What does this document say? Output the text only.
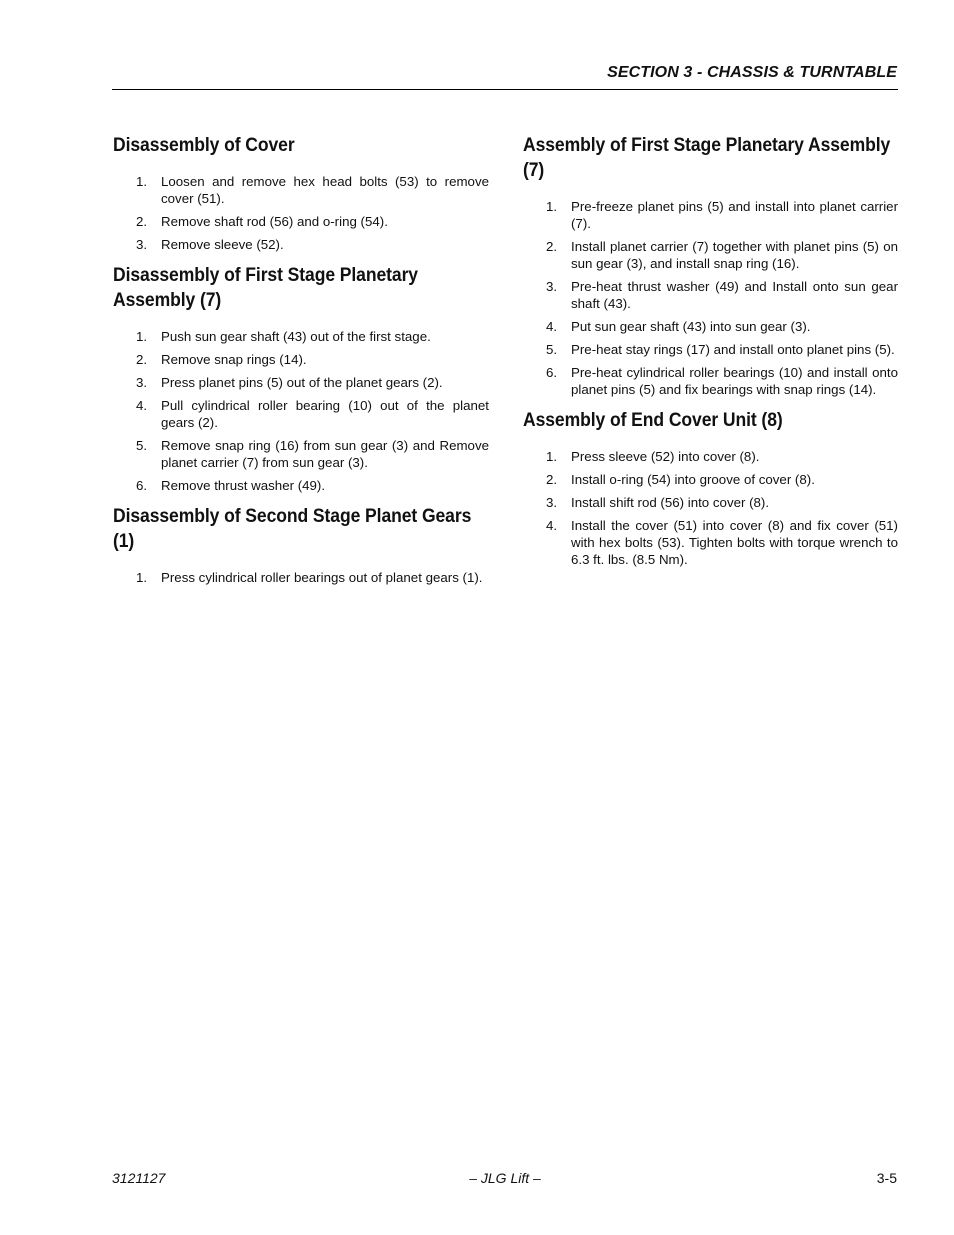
SECTION 3 - CHASSIS & TURNTABLE
Disassembly of Cover
1. Loosen and remove hex head bolts (53) to remove cover (51).
2. Remove shaft rod (56) and o-ring (54).
3. Remove sleeve (52).
Disassembly of First Stage Planetary Assembly (7)
1. Push sun gear shaft (43) out of the first stage.
2. Remove snap rings (14).
3. Press planet pins (5) out of the planet gears (2).
4. Pull cylindrical roller bearing (10) out of the planet gears (2).
5. Remove snap ring (16) from sun gear (3) and Remove planet carrier (7) from sun gear (3).
6. Remove thrust washer (49).
Disassembly of Second Stage Planet Gears (1)
1. Press cylindrical roller bearings out of planet gears (1).
Assembly of First Stage Planetary Assembly (7)
1. Pre-freeze planet pins (5) and install into planet carrier (7).
2. Install planet carrier (7) together with planet pins (5) on sun gear (3), and install snap ring (16).
3. Pre-heat thrust washer (49) and Install onto sun gear shaft (43).
4. Put sun gear shaft (43) into sun gear (3).
5. Pre-heat stay rings (17) and install onto planet pins (5).
6. Pre-heat cylindrical roller bearings (10) and install onto planet pins (5) and fix bearings with snap rings (14).
Assembly of End Cover Unit (8)
1. Press sleeve (52) into cover (8).
2. Install o-ring (54) into groove of cover (8).
3. Install shift rod (56) into cover (8).
4. Install the cover (51) into cover (8) and fix cover (51) with hex bolts (53). Tighten bolts with torque wrench to 6.3 ft. lbs. (8.5 Nm).
3121127	– JLG Lift –	3-5
